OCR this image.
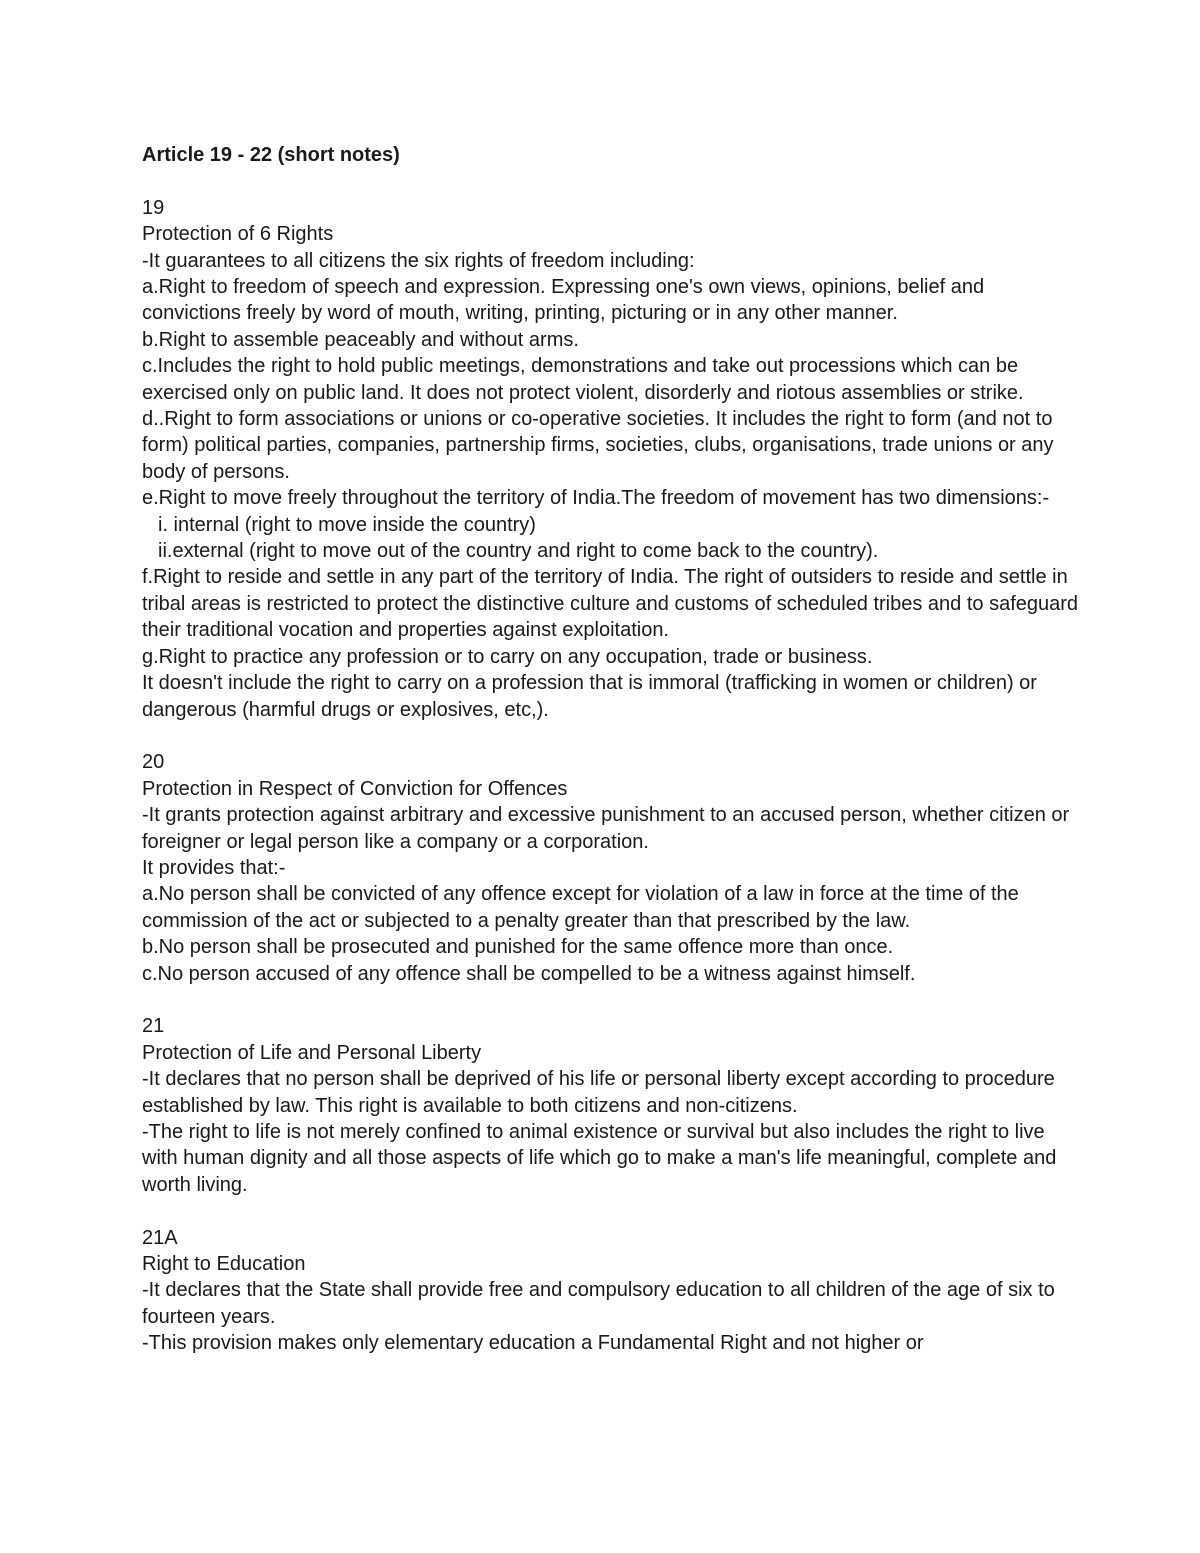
Article 19 - 22 (short notes)

19

Protection of 6 Rights

-It guarantees to all citizens the six rights of freedom including:

a.Right to freedom of speech and expression. Expressing one's own views, opinions, belief and convictions freely by word of mouth, writing, printing, picturing or in any other manner.

b.Right to assemble peaceably and without arms.

c.Includes the right to hold public meetings, demonstrations and take out processions which can be exercised only on public land. It does not protect violent, disorderly and riotous assemblies or strike.

d..Right to form associations or unions or co-operative societies. It includes the right to form (and not to form) political parties, companies, partnership firms, societies, clubs, organisations, trade unions or any body of persons.

e.Right to move freely throughout the territory of India.The freedom of movement has two dimensions:-

i. internal (right to move inside the country)

ii.external (right to move out of the country and right to come back to the country).

f.Right to reside and settle in any part of the territory of India. The right of outsiders to reside and settle in tribal areas is restricted to protect the distinctive culture and customs of scheduled tribes and to safeguard their traditional vocation and properties against exploitation.

g.Right to practice any profession or to carry on any occupation, trade or business.

It doesn't include the right to carry on a profession that is immoral (trafficking in women or children) or dangerous (harmful drugs or explosives, etc,).

20

Protection in Respect of Conviction for Offences

-It grants protection against arbitrary and excessive punishment to an accused person, whether citizen or foreigner or legal person like a company or a corporation.

It provides that:-

a.No person shall be convicted of any offence except for violation of a law in force at the time of the commission of the act or subjected to a penalty greater than that prescribed by the law.

b.No person shall be prosecuted and punished for the same offence more than once.

c.No person accused of any offence shall be compelled to be a witness against himself.

21

Protection of Life and Personal Liberty

-It declares that no person shall be deprived of his life or personal liberty except according to procedure established by law. This right is available to both citizens and non-citizens.

-The right to life is not merely confined to animal existence or survival but also includes the right to live with human dignity and all those aspects of life which go to make a man's life meaningful, complete and worth living.

21A

Right to Education

-It declares that the State shall provide free and compulsory education to all children of the age of six to fourteen years.

-This provision makes only elementary education a Fundamental Right and not higher or
